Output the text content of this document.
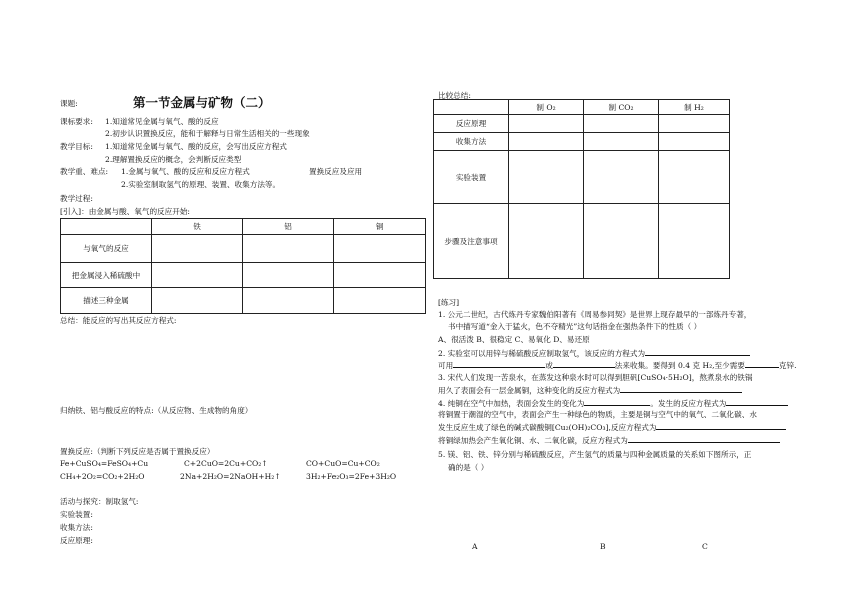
课题:	第一节金属与矿物（二）
课标要求: 1.知道常见金属与氧气、酸的反应
2.初步认识置换反应，能和于解释与日常生活相关的一些现象
教学目标: 1.知道常见金属与氧气、酸的反应，会写出反应方程式
2.理解置换反应的概念，会判断反应类型
教学重、难点: 1.金属与氧气、酸的反应和反应方程式	置换反应及应用
2.实验室制取氢气的原理、装置、收集方法等。
教学过程:
[引入]：由金属与酸、氧气的反应开始:
	铁	铝	铜
与氧气的反应			
把金属浸入稀硫酸中			
描述三种金属			
总结：能反应的写出其反应方程式:
归纳铁、铝与酸反应的特点:（从反应物、生成物的角度）
置换反应:（判断下列反应是否属于置换反应）
Fe+CuSO₄=FeSO₄+Cu	C+2CuO=2Cu+CO₂↑	CO+CuO=Cu+CO₂
CH₄+2O₂=CO₂+2H₂O	2Na+2H₂O=2NaOH+H₂↑	3H₂+Fe₂O₃=2Fe+3H₂O
活动与探究：制取氢气:
实验装置:
收集方法:
反应原理:
比较总结:
	制 O₂	制 CO₂	制 H₂
反应原理			
收集方法			
实验装置			
步骤及注意事项			
[练习]
1. 公元二世纪，古代炼丹专家魏伯阳著有《周易参同契》是世界上现存最早的一部炼丹专著，
书中描写道“金入于猛火，色不夺精光”这句话指金在强热条件下的性质（ ）
A、很活泼 B、很稳定 C、易氧化 D、易还原
2. 实验室可以用锌与稀硫酸反应制取氢气，该反应的方程式为
可用	或	法来收集。要得到 0.4 克 H₂,至少需要	克锌.
3. 宋代人们发现一苦泉水，在蒸发这种泉水时可以得到胆矾[CuSO₄·5H₂O]，熬煮泉水的铁锅
用久了表面会有一层金属铜，这种变化的反应方程式为
4. 纯铜在空气中加热，表面会发生的变化为	。发生的反应方程式为
将铜置于潮湿的空气中，表面会产生一种绿色的物质，主要是铜与空气中的氧气、二氧化碳、水
发生反应生成了绿色的碱式碳酸铜[Cu₂(OH)₂CO₃],反应方程式为
将铜绿加热会产生氧化铜、水、二氧化碳，反应方程式为
5. 镁、铝、铁、锌分别与稀硫酸反应，产生氢气的质量与四种金属质量的关系如下图所示，正
确的是（ ）
A	B	C
